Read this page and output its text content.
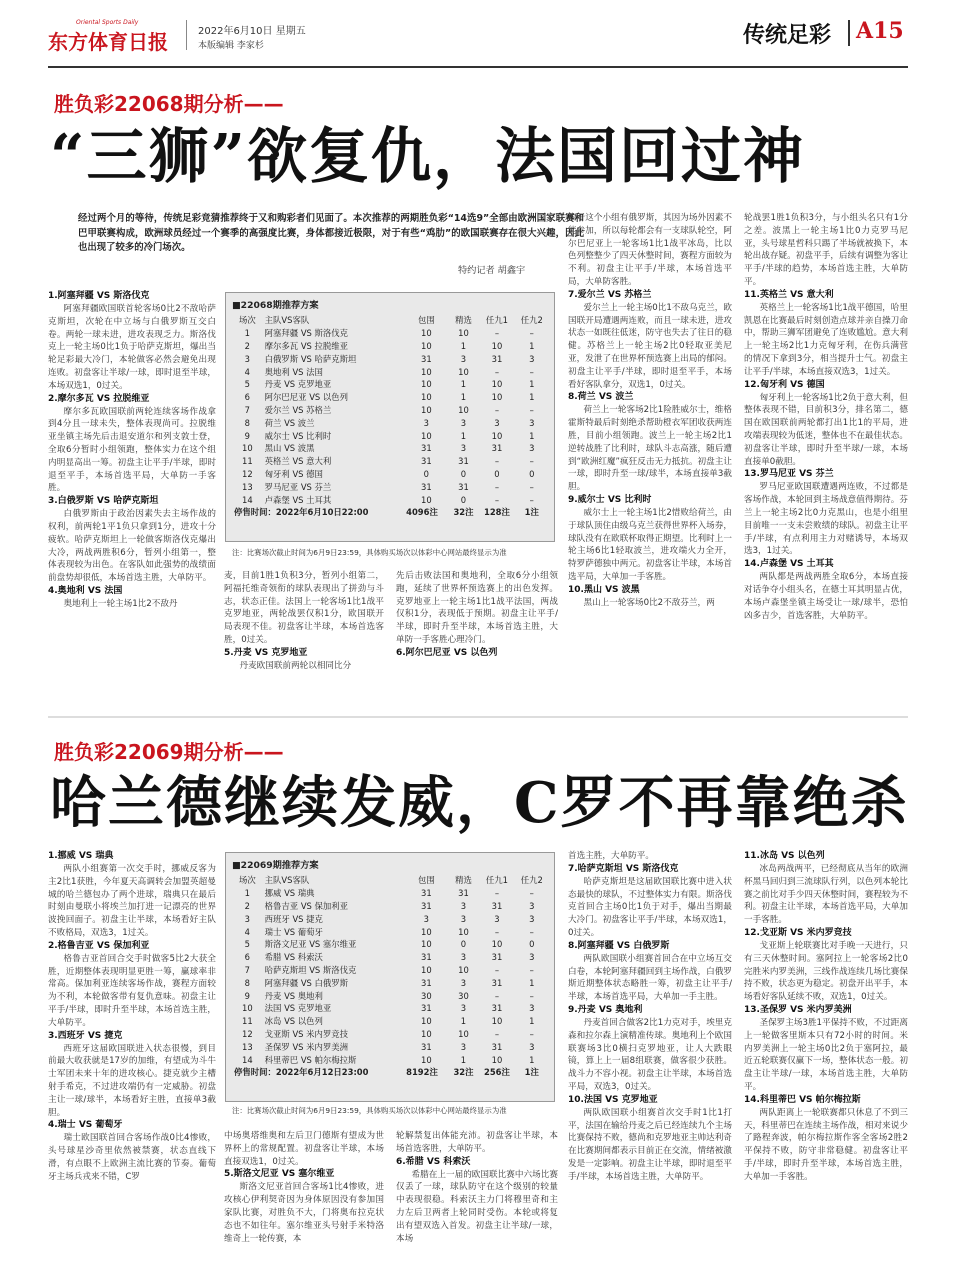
东方体育日报
Oriental Sports Daily
2022年6月10日 星期五
本版编辑 李家杉	传统足彩 A15
胜负彩22068期分析——
“三狮”欲复仇，法国回过神
经过两个月的等待，传统足彩竞猜推荐终于又和购彩者们见面了。本次推荐的两期胜负彩“14选9”全部由欧洲国家联赛和巴甲联赛构成，欧洲球员经过一个赛季的高强度比赛，身体都接近极限，对于有些“鸡肋”的欧国联赛存在很大兴趣，因此也出现了较多的冷门场次。
特约记者 胡鑫宇
■22068期推荐方案
场次	主队VS客队	包围	精选	任九1	任九2
1	阿塞拜疆 VS 斯洛伐克	10	10	–	–
2	摩尔多瓦 VS 拉脱维亚	10	1	10	1
3	白俄罗斯 VS 哈萨克斯坦	31	3	31	3
4	奥地利 VS 法国	10	10	–	–
5	丹麦 VS 克罗地亚	10	1	10	1
6	阿尔巴尼亚 VS 以色列	10	1	10	1
7	爱尔兰 VS 苏格兰	10	10	–	–
8	荷兰 VS 波兰	3	3	3	3
9	威尔士 VS 比利时	10	1	10	1
10	黑山 VS 波黑	31	3	31	3
11	英格兰 VS 意大利	31	31	–	–
12	匈牙利 VS 德国	0	0	0	0
13	罗马尼亚 VS 芬兰	31	31	–	–
14	卢森堡 VS 土耳其	10	0	–	–
停售时间：2022年6月10日22:00		4096注	32注	128注	1注
注：比赛场次截止时间为6月9日23:59，具体购买场次以体彩中心网站最终显示为准
1.阿塞拜疆 VS 斯洛伐克
阿塞拜疆欧国联首轮客场0比2不敌哈萨克斯坦，次轮在中立场与白俄罗斯互交白卷。两轮一球未进，进攻表现乏力。斯洛伐克上一轮主场0比1负于哈萨克斯坦，爆出当轮足彩最大冷门，本轮做客必然会避免出现连败。初盘客让半球/一球，即时退至半球，本场双选1，0过关。
2.摩尔多瓦 VS 拉脱维亚
摩尔多瓦欧国联前两轮连续客场作战拿到4分且一球未失，整体表现尚可。拉脱维亚坐镇主场先后击退安道尔和列支敦士登，全取6分暂时小组领跑，整体实力在这个组内明显高出一筹。初盘主让平手/半球，即时退至平手，本场首选平局，大单防一手客胜。
3.白俄罗斯 VS 哈萨克斯坦
白俄罗斯由于政治因素失去主场作战的权利，前两轮1平1负只拿到1分，进攻十分疲软。哈萨克斯坦上一轮做客斯洛伐克爆出大冷，两战两胜积6分，暂列小组第一，整体表现较为出色。在客队如此强势的战绩面前盘势却很低，本场首选主胜，大单防平。
4.奥地利 VS 法国
奥地利上一轮主场1比2不敌丹
麦，目前1胜1负积3分，暂列小组第二，阿福托维奇领衔的球队表现出了拼劲与斗志，状态正佳。法国上一轮客场1比1战平克罗地亚，两轮战罢仅积1分，欧国联开局表现不佳。初盘客让半球，本场首选客胜，0过关。
5.丹麦 VS 克罗地亚
丹麦欧国联前两轮以相同比分
先后击败法国和奥地利，全取6分小组领跑，延续了世界杯预选赛上的出色发挥。克罗地亚上一轮主场1比1战平法国，两战仅积1分，表现低于预期。初盘主让平手/半球，即时升至半球，本场首选主胜，大单防一手客胜心理冷门。
6.阿尔巴尼亚 VS 以色列
由于这个小组有俄罗斯，其因为场外因素不能参加，所以每轮都会有一支球队轮空，阿尔巴尼亚上一轮客场1比1战平冰岛，比以色列整整少了四天休整时间，赛程方面较为不利。初盘主让平手/半球，本场首选平局，大单防客胜。
7.爱尔兰 VS 苏格兰
爱尔兰上一轮主场0比1不敌乌克兰，欧国联开局遭遇两连败，而且一球未进，进攻状态一如既往低迷，防守也失去了往日的稳健。苏格兰上一轮主场2比0轻取亚美尼亚，发泄了在世界杯预选赛上出局的郁闷。初盘主让平手/半球，即时退至平手，本场看好客队拿分，双选1，0过关。
8.荷兰 VS 波兰
荷兰上一轮客场2比1险胜威尔士，维格霍斯特最后时刻绝杀帮助橙衣军团收获两连胜，目前小组领跑。波兰上一轮主场2比1逆转战胜了比利时，球队斗志高涨，随后遭到“欧洲红魔”疯狂反击无力抵抗。初盘主让一球，即时升至一球/球半，本场直接单3截胆。
9.威尔士 VS 比利时
威尔士上一轮主场1比2惜败给荷兰，由于球队顶住由级乌克兰获得世界杯入场券，球队没有在欧联杯取得正期望。比利时上一轮主场6比1轻取波兰，进攻端火力全开，特罗萨德独中两元。初盘客让半球，本场首选平局，大单加一手客胜。
10.黑山 VS 波黑
黑山上一轮客场0比2不敌芬兰，两
轮战罢1胜1负积3分，与小组头名只有1分之差。波黑上一轮主场1比0力克罗马尼亚，头号球星哲科只踢了半场就被换下，本轮出战存疑。初盘平手，后续有调整为客让平手/半球的趋势，本场首选主胜，大单防平。
11.英格兰 VS 意大利
英格兰上一轮客场1比1战平德国，哈里凯恩在比赛最后时刻创造点球并亲自操刀命中，帮助三狮军团避免了连败尴尬。意大利上一轮主场2比1力克匈牙利，在伤兵满营的情况下拿到3分，相当提升士气。初盘主让平手/半球，本场直接双选3，1过关。
12.匈牙利 VS 德国
匈牙利上一轮客场1比2负于意大利，但整体表现不错，目前积3分，排名第二，德国在欧国联前两轮都打出1比1的平局，进攻端表现较为低迷，整体也不在最佳状态。初盘客让半球，即时升至半球/一球，本场直接单0截胆。
13.罗马尼亚 VS 芬兰
罗马尼亚欧国联遭遇两连败，不过都是客场作战，本轮回到主场战意值得期待。芬兰上一轮主场2比0力克黑山，也是小组里目前唯一一支未尝败绩的球队。初盘主让平手/半球，有点利用主力对赌诱导，本场双选3，1过关。
14.卢森堡 VS 土耳其
两队都是两战两胜全取6分，本场直接对话争夺小组头名，在德士耳其明显占优，本场卢森堡坐镇主场受让一球/球半，恐怕凶多吉少，首选客胜，大单防平。
胜负彩22069期分析——
哈兰德继续发威，C罗不再靠绝杀
■22069期推荐方案
场次	主队VS客队	包围	精选	任九1	任九2
1	挪威 VS 瑞典	31	31	–	–
2	格鲁吉亚 VS 保加利亚	31	3	31	3
3	西班牙 VS 捷克	3	3	3	3
4	瑞士 VS 葡萄牙	10	10	–	–
5	斯洛文尼亚 VS 塞尔维亚	10	0	10	0
6	希腊 VS 科索沃	31	3	31	3
7	哈萨克斯坦 VS 斯洛伐克	10	10	–	–
8	阿塞拜疆 VS 白俄罗斯	31	3	31	1
9	丹麦 VS 奥地利	30	30	–	–
10	法国 VS 克罗地亚	31	3	31	3
11	冰岛 VS 以色列	10	1	10	1
12	戈亚斯 VS 米内罗竞技	10	10	–	–
13	圣保罗 VS 米内罗美洲	31	3	31	3
14	科里蒂巴 VS 帕尔梅拉斯	10	1	10	1
停售时间：2022年6月12日23:00		8192注	32注	256注	1注
注：比赛场次截止时间为6月9日23:59，具体购买场次以体彩中心网站最终显示为准
1.挪威 VS 瑞典
两队小组赛第一次交手时，挪威反客为主2比1获胜，今年夏天高调转会加盟英超曼城的哈兰德包办了两个进球，瑞典只在最后时刻由曼联小将埃兰加打进一记漂亮的世界波挽回面子。初盘主让半球，本场看好主队不败格局，双选3，1过关。
2.格鲁吉亚 VS 保加利亚
格鲁吉亚首回合交手时做客5比2大获全胜，近期整体表现明显更胜一筹，赢球率非常高。保加利亚连续客场作战，赛程方面较为不利，本轮做客带有复仇意味。初盘主让平手/半球，即时升至半球，本场首选主胜，大单防平。
3.西班牙 VS 捷克
西班牙这届欧国联进入状态很慢，到目前最大收获就是17岁的加维，有望成为斗牛士军团未来十年的进攻核心。捷克就少主槽射手希克，不过进攻端仍有一定威胁。初盘主让一球/球半，本场看好主胜，直接单3截胆。
4.瑞士 VS 葡萄牙
瑞士欧国联首回合客场作战0比4惨败，头号球星沙奇里依然被禁赛，状态直线下滑，有点眼不上欧洲主流比赛的节奏。葡萄牙主场兵戎来不错，C罗
中场奥塔维奥和左后卫门德斯有望成为世界杯上的常规配置。初盘客让半球，本场直接双选1，0过关。
5.斯洛文尼亚 VS 塞尔维亚
斯洛文尼亚首回合客场1比4惨败，进攻核心伊利契奇因为身体原因没有参加国家队比赛，对胜负不大，门将奥布拉克状态也不如往年。塞尔维亚头号射手米特洛维奇上一轮传赛，本
轮解禁复出体能充沛。初盘客让半球，本场首选客胜，大单防平。
6.希腊 VS 科索沃
希腊在上一届的欧国联比赛中六场比赛仅丢了一球，球队防守在这个级别的较量中表现很稳。科索沃主力门将穆里奇和主力左后卫两者上轮同时受伤。本轮或将复出有望双选入首发。初盘主让半球/一球，本场
首选主胜，大单防平。
7.哈萨克斯坦 VS 斯洛伐克
哈萨克斯坦是这届欧国联比赛中进入状态最快的球队，不过整体实力有限。斯洛伐克首回合主场0比1负于对手，爆出当期最大冷门。初盘客让平手/半球，本场双选1，0过关。
8.阿塞拜疆 VS 白俄罗斯
两队欧国联小组赛首回合在中立场互交白卷，本轮阿塞拜疆回到主场作战，白俄罗斯近期整体状态略胜一筹，初盘主让平手/半球，本场首选平局，大单加一手主胜。
9.丹麦 VS 奥地利
丹麦首回合做客2比1力克对手，埃里克森和拉尔森上演精准传球。奥地利上个欧国联赛场3比0横扫克罗地亚，让人大跌眼镜，算上上一届8组联赛，做客很少获胜。战斗力不容小视。初盘主让半球，本场首选平局，双选3，0过关。
10.法国 VS 克罗地亚
两队欧国联小组赛首次交手时1比1打平，法国在输给丹麦之后已经连续九个主场比赛保持不败，德尚和克罗地亚主帅达利奇在比赛期间都表示目前正在交流，情绪被激发是一定影响。初盘主让半球，即时退至平手/半球，本场首选主胜，大单防平。
11.冰岛 VS 以色列
冰岛两战两平，已经彻底从当年的欧洲杯黑马回归到三流球队行列，以色列本轮比赛之前比对手少四天休整时间，赛程较为不利。初盘主让半球，本场首选平局，大单加一手客胜。
12.戈亚斯 VS 米内罗竞技
戈亚斯上轮联赛比对手晚一天进行，只有三天休整时间。塞阿拉上一轮客场2比0完胜米内罗美洲，三线作战连续几场比赛保持不败，状态更为稳定。初盘开出平手，本场看好客队延续不败，双选1，0过关。
13.圣保罗 VS 米内罗美洲
圣保罗主场3胜1平保持不败，不过距离上一轮做客里斯本只有72小时的时间。米内罗美洲上一轮主场0比2负于塞阿拉，最近五轮联赛仅赢下一场，整体状态一般。初盘主让半球/一球，本场首选主胜，大单防平。
14.科里蒂巴 VS 帕尔梅拉斯
两队距离上一轮联赛都只休息了不到三天，科里蒂巴在连续主场作战，相对来说少了路程奔波，帕尔梅拉斯作客全客场2胜2平保持不败，防守非常稳健。初盘客让平手/半球，即时升至半球，本场首选主胜，大单加一手客胜。
